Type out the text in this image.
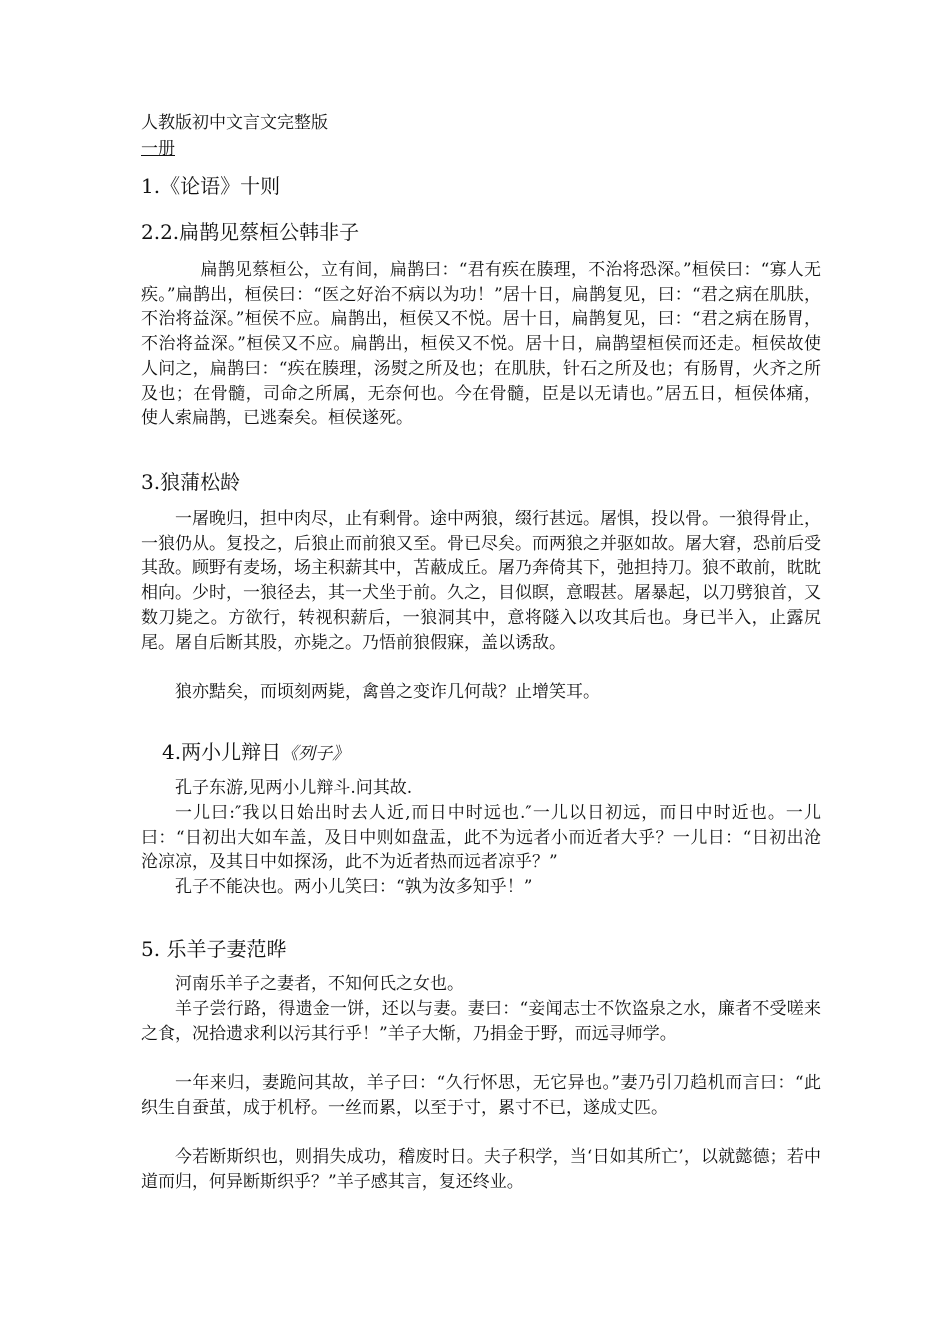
人教版初中文言文完整版
一册
1.《论语》十则
2.2.扁鹊见蔡桓公韩非子

扁鹊见蔡桓公，立有间，扁鹊曰：“君有疾在腠理，不治将恐深。”桓侯曰：“寡人无疾。”扁鹊出，桓侯曰：“医之好治不病以为功！”居十日，扁鹊复见，曰：“君之病在肌肤，不治将益深。”桓侯不应。扁鹊出，桓侯又不悦。居十日，扁鹊复见，曰：“君之病在肠胃，不治将益深。”桓侯又不应。扁鹊出，桓侯又不悦。居十日，扁鹊望桓侯而还走。桓侯故使人问之，扁鹊曰：“疾在腠理，汤熨之所及也；在肌肤，针石之所及也；有肠胃，火齐之所及也；在骨髓，司命之所属，无奈何也。今在骨髓，臣是以无请也。”居五日，桓侯体痛，使人索扁鹊，已逃秦矣。桓侯遂死。

3.狼蒲松龄

一屠晚归，担中肉尽，止有剩骨。途中两狼，缀行甚远。屠惧，投以骨。一狼得骨止，一狼仍从。复投之，后狼止而前狼又至。骨已尽矣。而两狼之并驱如故。屠大窘，恐前后受其敌。顾野有麦场，场主积薪其中，苫蔽成丘。屠乃奔倚其下，弛担持刀。狼不敢前，眈眈相向。少时，一狼径去，其一犬坐于前。久之，目似瞑，意暇甚。屠暴起，以刀劈狼首，又数刀毙之。方欲行，转视积薪后，一狼洞其中，意将隧入以攻其后也。身已半入，止露尻尾。屠自后断其股，亦毙之。乃悟前狼假寐，盖以诱敌。

狼亦黠矣，而顷刻两毙，禽兽之变诈几何哉？止增笑耳。

4.两小儿辩日《列子》

孔子东游,见两小儿辩斗.问其故.

一儿曰:″我以日始出时去人近,而日中时远也.″一儿以日初远，而日中时近也。一儿曰：“日初出大如车盖，及日中则如盘盂，此不为远者小而近者大乎？一儿日：“日初出沧沧凉凉，及其日中如探汤，此不为近者热而远者凉乎？”

孔子不能决也。两小儿笑曰：“孰为汝多知乎！”

5. 乐羊子妻范晔

河南乐羊子之妻者，不知何氏之女也。

羊子尝行路，得遗金一饼，还以与妻。妻曰：“妾闻志士不饮盗泉之水，廉者不受嗟来之食，况拾遗求利以污其行乎！”羊子大惭，乃捐金于野，而远寻师学。

一年来归，妻跪问其故，羊子曰：“久行怀思，无它异也。”妻乃引刀趋机而言曰：“此织生自蚕茧，成于机杼。一丝而累，以至于寸，累寸不已，遂成丈匹。

今若断斯织也，则捐失成功，稽废时日。夫子积学，当‘日如其所亡’，以就懿德；若中道而归，何异断斯织乎？”羊子感其言，复还终业。
